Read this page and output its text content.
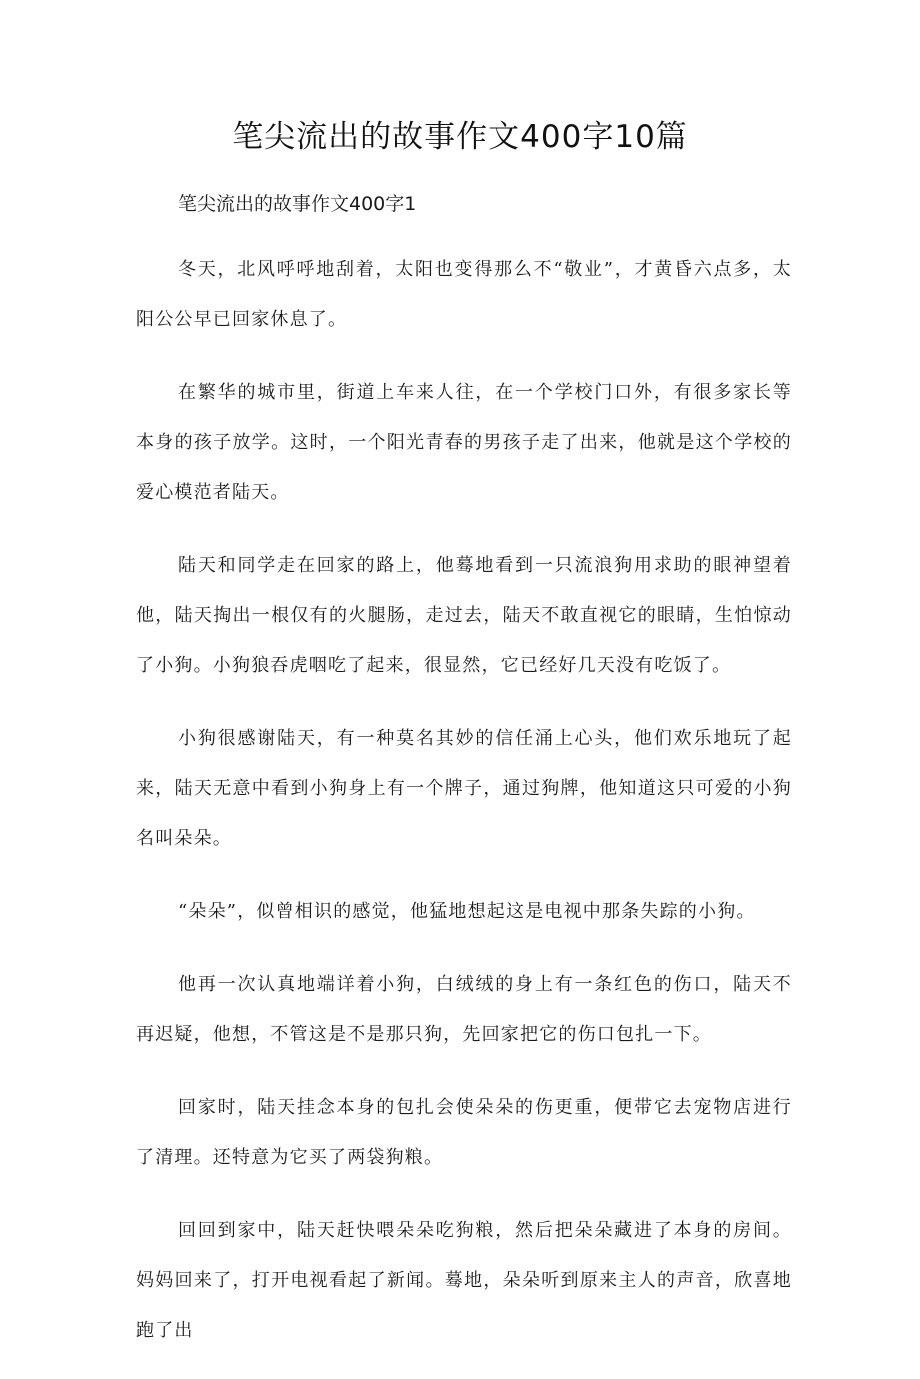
笔尖流出的故事作文400字10篇

笔尖流出的故事作文400字1

冬天，北风呼呼地刮着，太阳也变得那么不“敬业”，才黄昏六点多，太阳公公早已回家休息了。

在繁华的城市里，街道上车来人往，在一个学校门口外，有很多家长等本身的孩子放学。这时，一个阳光青春的男孩子走了出来，他就是这个学校的爱心模范者陆天。

陆天和同学走在回家的路上，他蓦地看到一只流浪狗用求助的眼神望着他，陆天掏出一根仅有的火腿肠，走过去，陆天不敢直视它的眼睛，生怕惊动了小狗。小狗狼吞虎咽吃了起来，很显然，它已经好几天没有吃饭了。

小狗很感谢陆天，有一种莫名其妙的信任涌上心头，他们欢乐地玩了起来，陆天无意中看到小狗身上有一个牌子，通过狗牌，他知道这只可爱的小狗名叫朵朵。

“朵朵”，似曾相识的感觉，他猛地想起这是电视中那条失踪的小狗。

他再一次认真地端详着小狗，白绒绒的身上有一条红色的伤口，陆天不再迟疑，他想，不管这是不是那只狗，先回家把它的伤口包扎一下。

回家时，陆天挂念本身的包扎会使朵朵的伤更重，便带它去宠物店进行了清理。还特意为它买了两袋狗粮。

回回到家中，陆天赶快喂朵朵吃狗粮，然后把朵朵藏进了本身的房间。妈妈回来了，打开电视看起了新闻。蓦地，朵朵听到原来主人的声音，欣喜地跑了出
